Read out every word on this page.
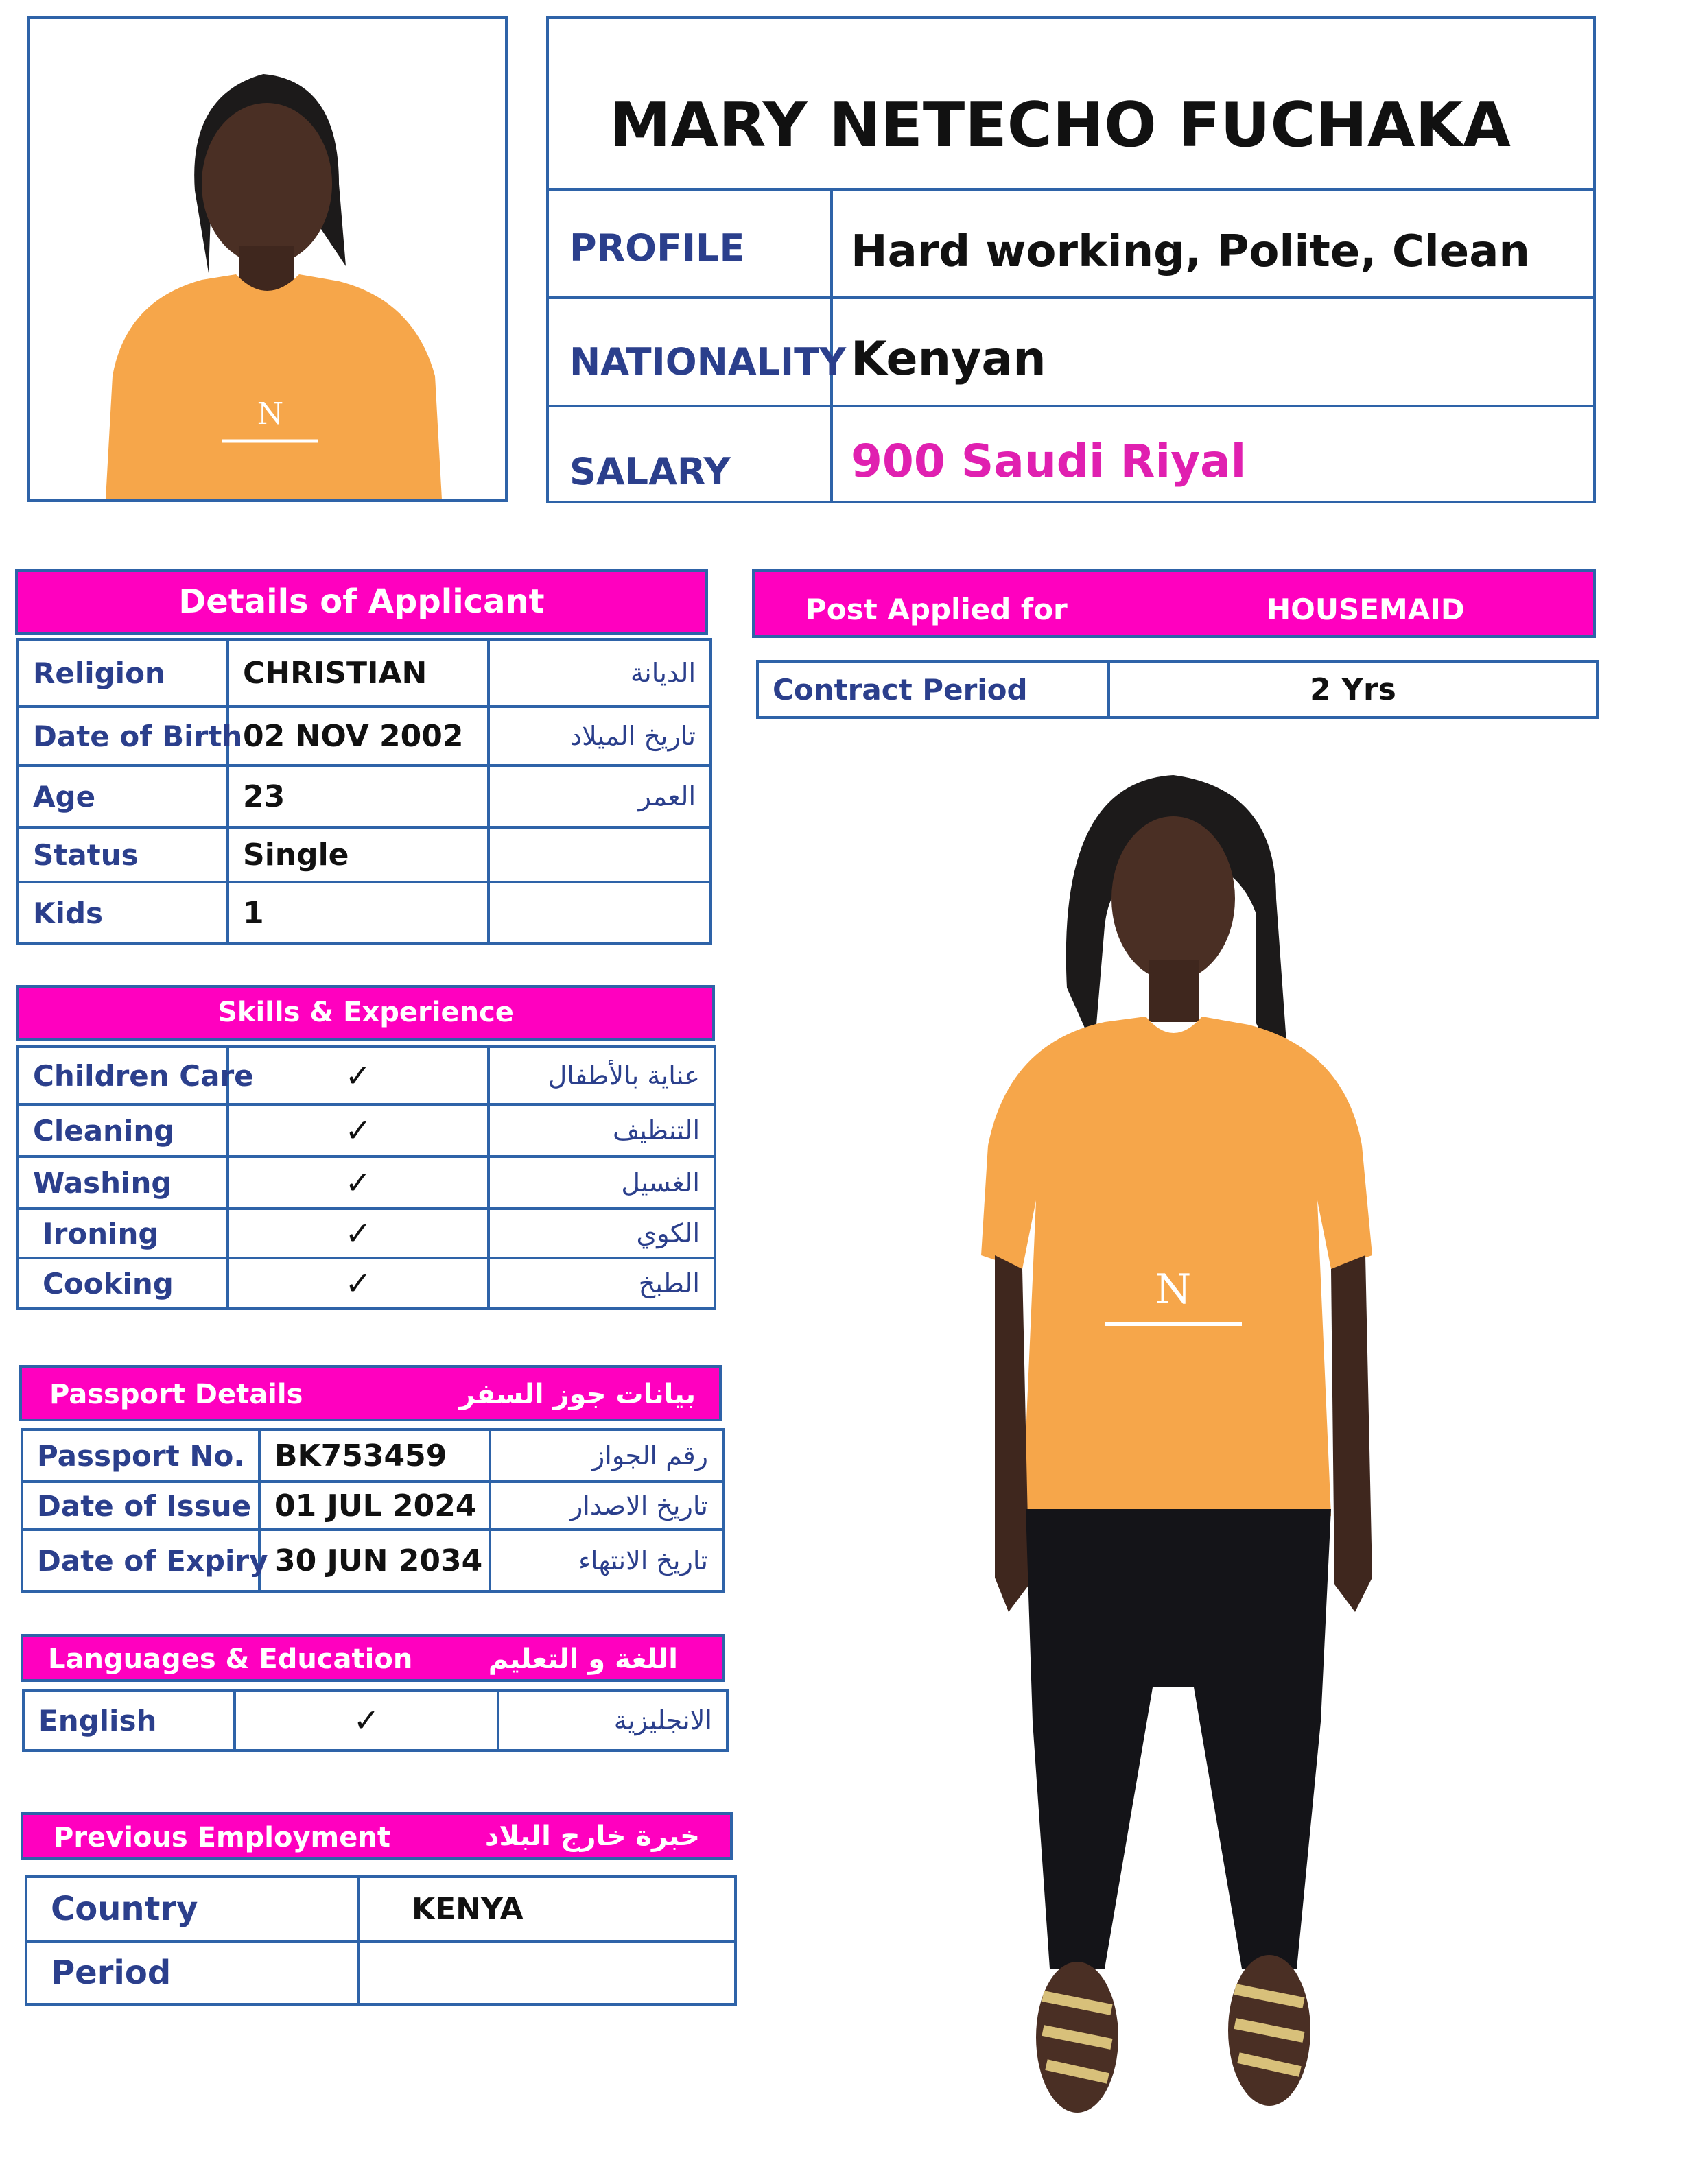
N
MARY NETECHO FUCHAKA
PROFILE Hard working, Polite, Clean
NATIONALITY Kenyan
SALARY	900 Saudi Riyal
Details of Applicant
Religion	CHRISTIAN	الديانة
Date of Birth	02 NOV 2002	تاريخ الميلاد
Age	23	العمر
Status	Single	
Kids	1	
Post Applied for	HOUSEMAID
Contract Period	2 Yrs
Skills & Experience
Children Care	✓	عناية بالأطفال
Cleaning	✓	التنظيف
Washing	✓	الغسيل
Ironing	✓	الكوي
Cooking	✓	الطبخ
Passport Details	بيانات جوز السفر
Passport No.	BK753459	رقم الجواز
Date of Issue	01 JUL 2024	تاريخ الاصدار
Date of Expiry	30 JUN 2034	تاريخ الانتهاء
Languages & Education	اللغة و التعليم
English	✓	الانجليزية
Previous Employment	خبرة خارج البلاد
Country	KENYA
Period	
N
